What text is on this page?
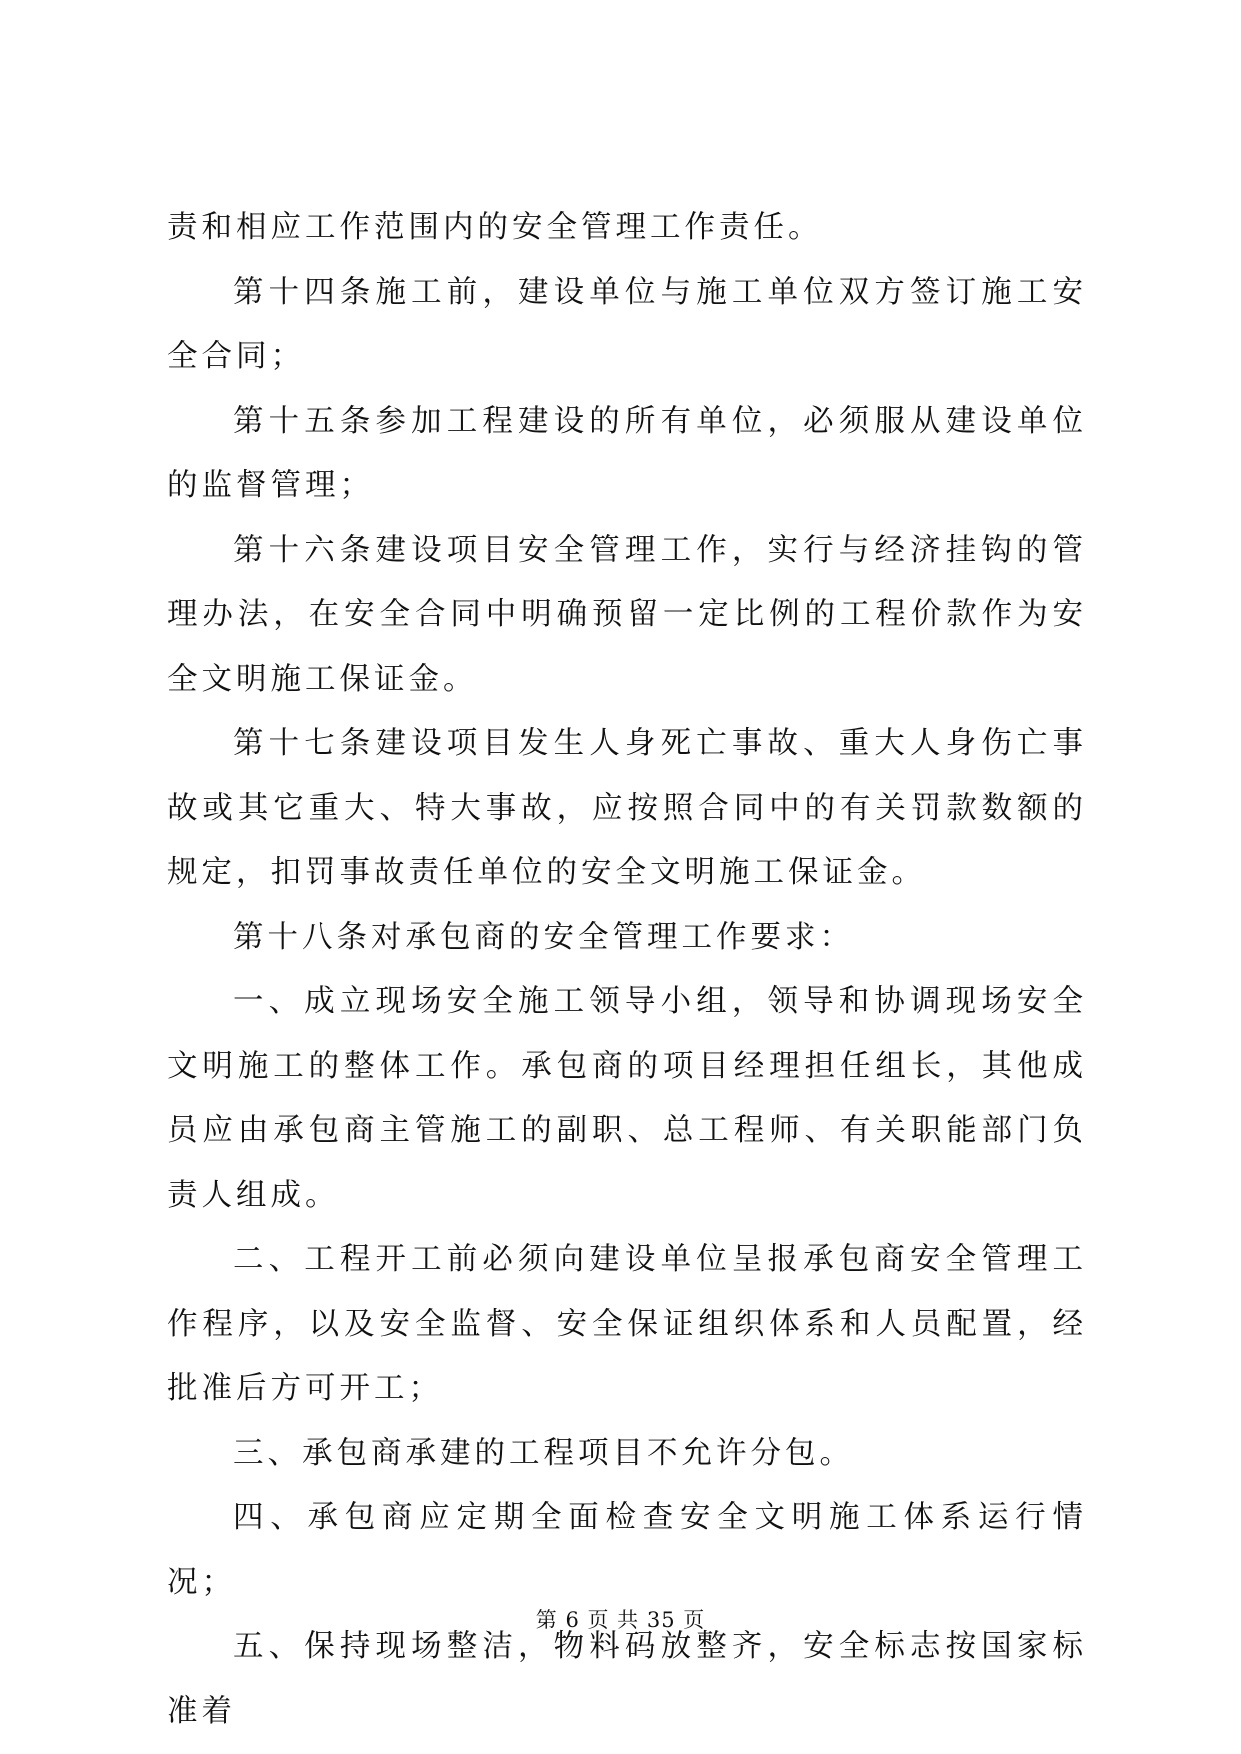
责和相应工作范围内的安全管理工作责任。

第十四条施工前，建设单位与施工单位双方签订施工安全合同；

第十五条参加工程建设的所有单位，必须服从建设单位的监督管理；

第十六条建设项目安全管理工作，实行与经济挂钩的管理办法，在安全合同中明确预留一定比例的工程价款作为安全文明施工保证金。

第十七条建设项目发生人身死亡事故、重大人身伤亡事故或其它重大、特大事故，应按照合同中的有关罚款数额的规定，扣罚事故责任单位的安全文明施工保证金。

第十八条对承包商的安全管理工作要求：

一、成立现场安全施工领导小组，领导和协调现场安全文明施工的整体工作。承包商的项目经理担任组长，其他成员应由承包商主管施工的副职、总工程师、有关职能部门负责人组成。

二、工程开工前必须向建设单位呈报承包商安全管理工作程序，以及安全监督、安全保证组织体系和人员配置，经批准后方可开工；

三、承包商承建的工程项目不允许分包。

四、承包商应定期全面检查安全文明施工体系运行情况；

五、保持现场整洁，物料码放整齐，安全标志按国家标准着

第 6 页 共 35 页
